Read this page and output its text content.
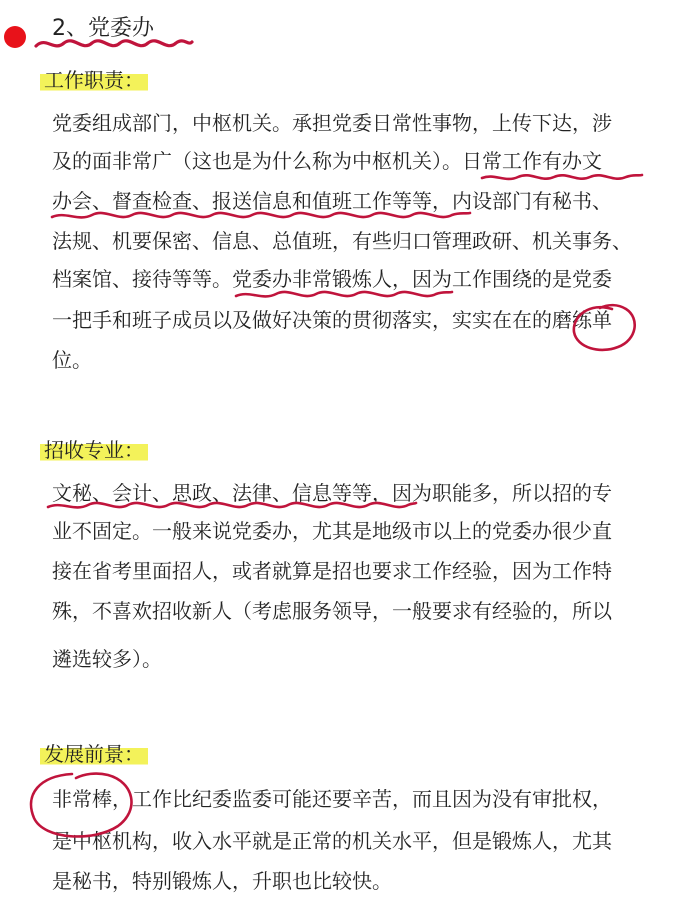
2、党委办
工作职责：
党委组成部门，中枢机关。承担党委日常性事物，上传下达，涉
及的面非常广（这也是为什么称为中枢机关）。日常工作有办文
办会、督查检查、报送信息和值班工作等等，内设部门有秘书、
法规、机要保密、信息、总值班，有些归口管理政研、机关事务、
档案馆、接待等等。党委办非常锻炼人，因为工作围绕的是党委
一把手和班子成员以及做好决策的贯彻落实，实实在在的磨练单
位。
招收专业：
文秘、会计、思政、法律、信息等等，因为职能多，所以招的专
业不固定。一般来说党委办，尤其是地级市以上的党委办很少直
接在省考里面招人，或者就算是招也要求工作经验，因为工作特
殊，不喜欢招收新人（考虑服务领导，一般要求有经验的，所以
遴选较多）。
发展前景：
非常棒，工作比纪委监委可能还要辛苦，而且因为没有审批权，
是中枢机构，收入水平就是正常的机关水平，但是锻炼人，尤其
是秘书，特别锻炼人，升职也比较快。
